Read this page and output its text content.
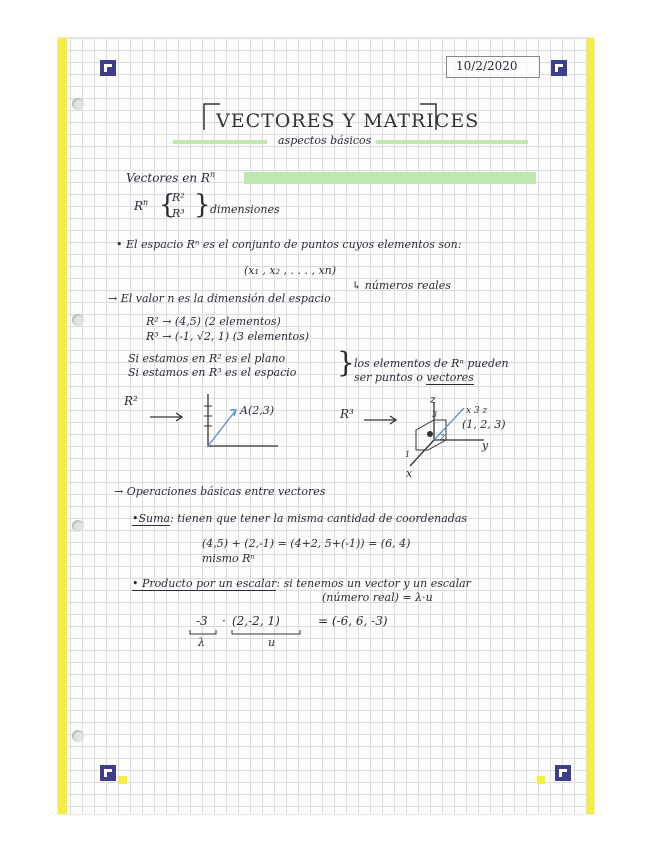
10/2/2020
VECTORES Y MATRICES
aspectos básicos
Vectores en $R^n$
$R^n$ {
R²
R³ } dimensiones
• El espacio Rⁿ es el conjunto de puntos cuyos elementos son:
(x₁ , x₂ , . . . , xn)
↳ números reales
→ El valor n es la dimensión del espacio
R² → (4,5) (2 elementos)
R³ → (-1, √2, 1) (3 elementos)
Si estamos en R² es el plano
Si estamos en R³ es el espacio } los elementos de Rⁿ pueden
ser puntos o vectores
R²
A(2,3)	R³
z
y
x
3
2
1
x 3 z
(1, 2, 3)
→ Operaciones básicas entre vectores
•Suma: tienen que tener la misma cantidad de coordenadas
(4,5) + (2,-1) = (4+2, 5+(-1)) = (6, 4)
mismo Rⁿ
• Producto por un escalar: si tenemos un vector y un escalar
(número real) = λ·u
-3 · (2,-2, 1)	= (-6, 6, -3)
λ	u
